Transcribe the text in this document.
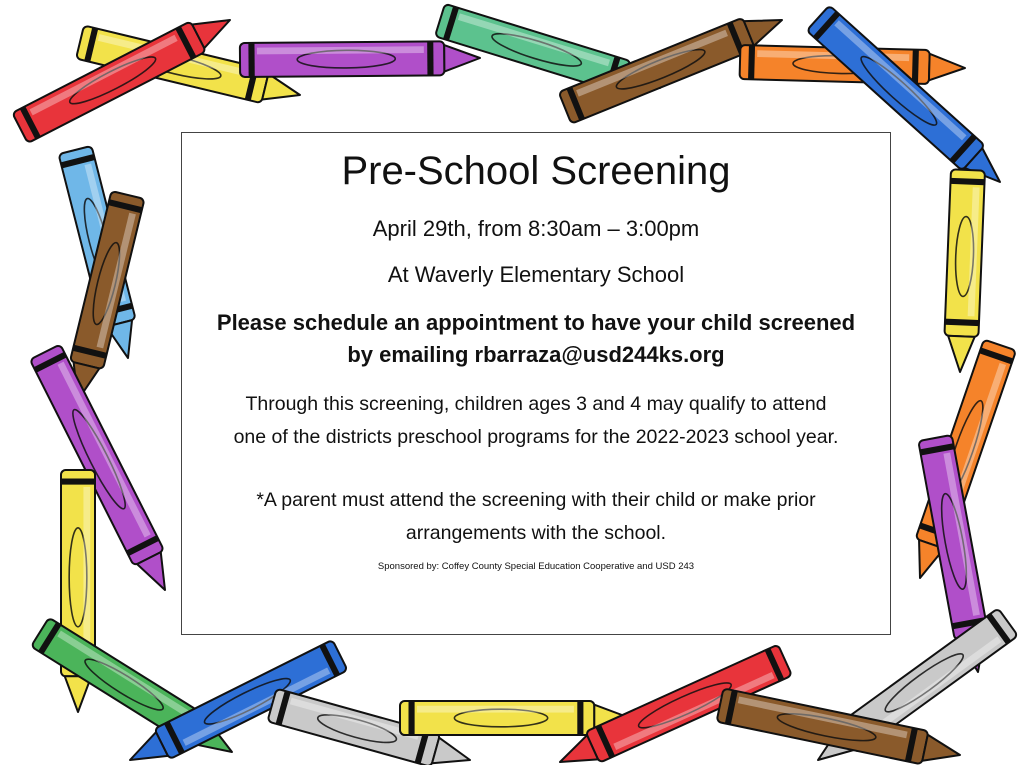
Pre-School Screening
April 29th, from 8:30am – 3:00pm
At Waverly Elementary School
Please schedule an appointment to have your child screened
by emailing rbarraza@usd244ks.org
Through this screening, children ages 3 and 4 may qualify to attend
one of the districts preschool programs for the 2022-2023 school year.
*A parent must attend the screening with their child or make prior
arrangements with the school.
Sponsored by: Coffey County Special Education Cooperative and USD 243
